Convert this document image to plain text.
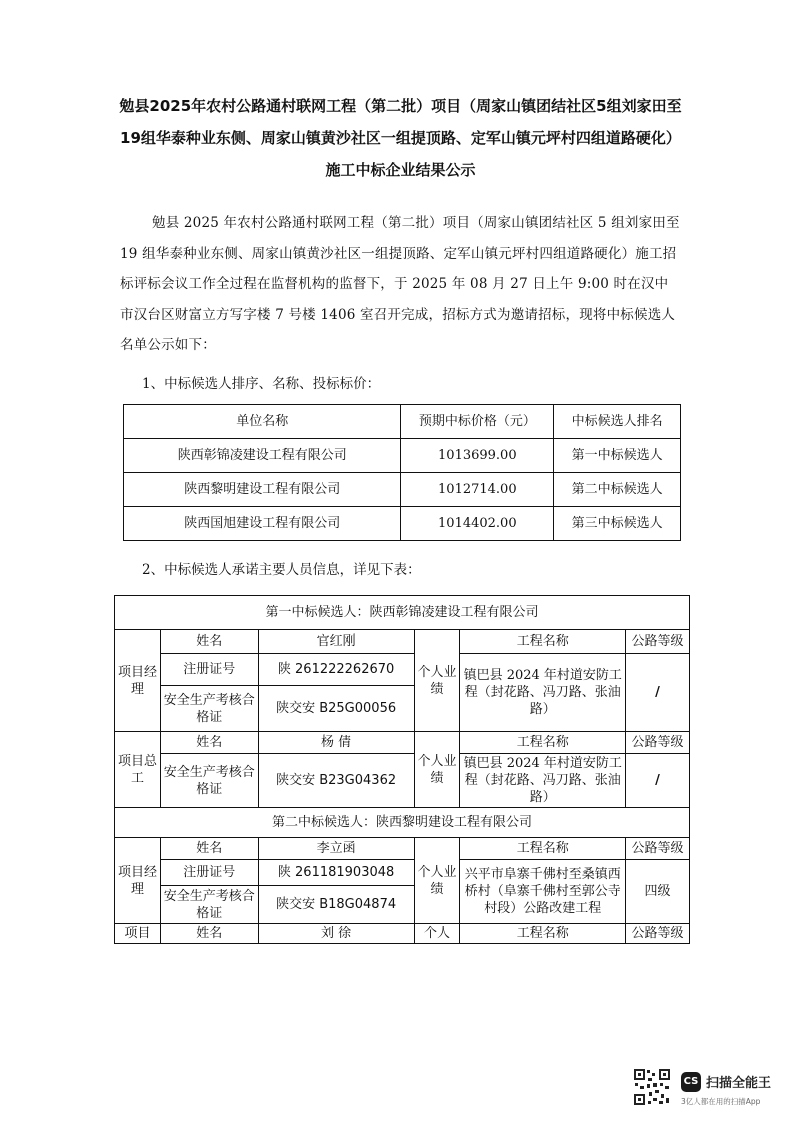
勉县2025年农村公路通村联网工程（第二批）项目（周家山镇团结社区5组刘家田至19组华泰种业东侧、周家山镇黄沙社区一组提顶路、定军山镇元坪村四组道路硬化）施工中标企业结果公示
勉县 2025 年农村公路通村联网工程（第二批）项目（周家山镇团结社区 5 组刘家田至 19 组华泰种业东侧、周家山镇黄沙社区一组提顶路、定军山镇元坪村四组道路硬化）施工招标评标会议工作全过程在监督机构的监督下，于 2025 年 08 月 27 日上午 9:00 时在汉中市汉台区财富立方写字楼 7 号楼 1406 室召开完成，招标方式为邀请招标，现将中标候选人名单公示如下：
1、中标候选人排序、名称、投标标价：
单位名称	预期中标价格（元）	中标候选人排名
陕西彰锦凌建设工程有限公司	1013699.00	第一中标候选人
陕西黎明建设工程有限公司	1012714.00	第二中标候选人
陕西国旭建设工程有限公司	1014402.00	第三中标候选人
2、中标候选人承诺主要人员信息，详见下表：
第一中标候选人：陕西彰锦凌建设工程有限公司					
项目经理	姓名	官红刚	个人业绩	工程名称	公路等级
	注册证号	陕 261222262670		镇巴县 2024 年村道安防工程（封花路、冯刀路、张油路）	/
	安全生产考核合格证	陕交安 B25G00056			
项目总工	姓名	杨 倩	个人业绩	工程名称	公路等级
	安全生产考核合格证	陕交安 B23G04362		镇巴县 2024 年村道安防工程（封花路、冯刀路、张油路）	/
第二中标候选人：陕西黎明建设工程有限公司					
项目经理	姓名	李立函	个人业绩	工程名称	公路等级
	注册证号	陕 261181903048		兴平市阜寨千佛村至桑镇西桥村（阜寨千佛村至郭公寺村段）公路改建工程	四级
	安全生产考核合格证	陕交安 B18G04874			
项目	姓名	刘 徐	个人	工程名称	公路等级
CS 扫描全能王
3亿人都在用的扫描App
